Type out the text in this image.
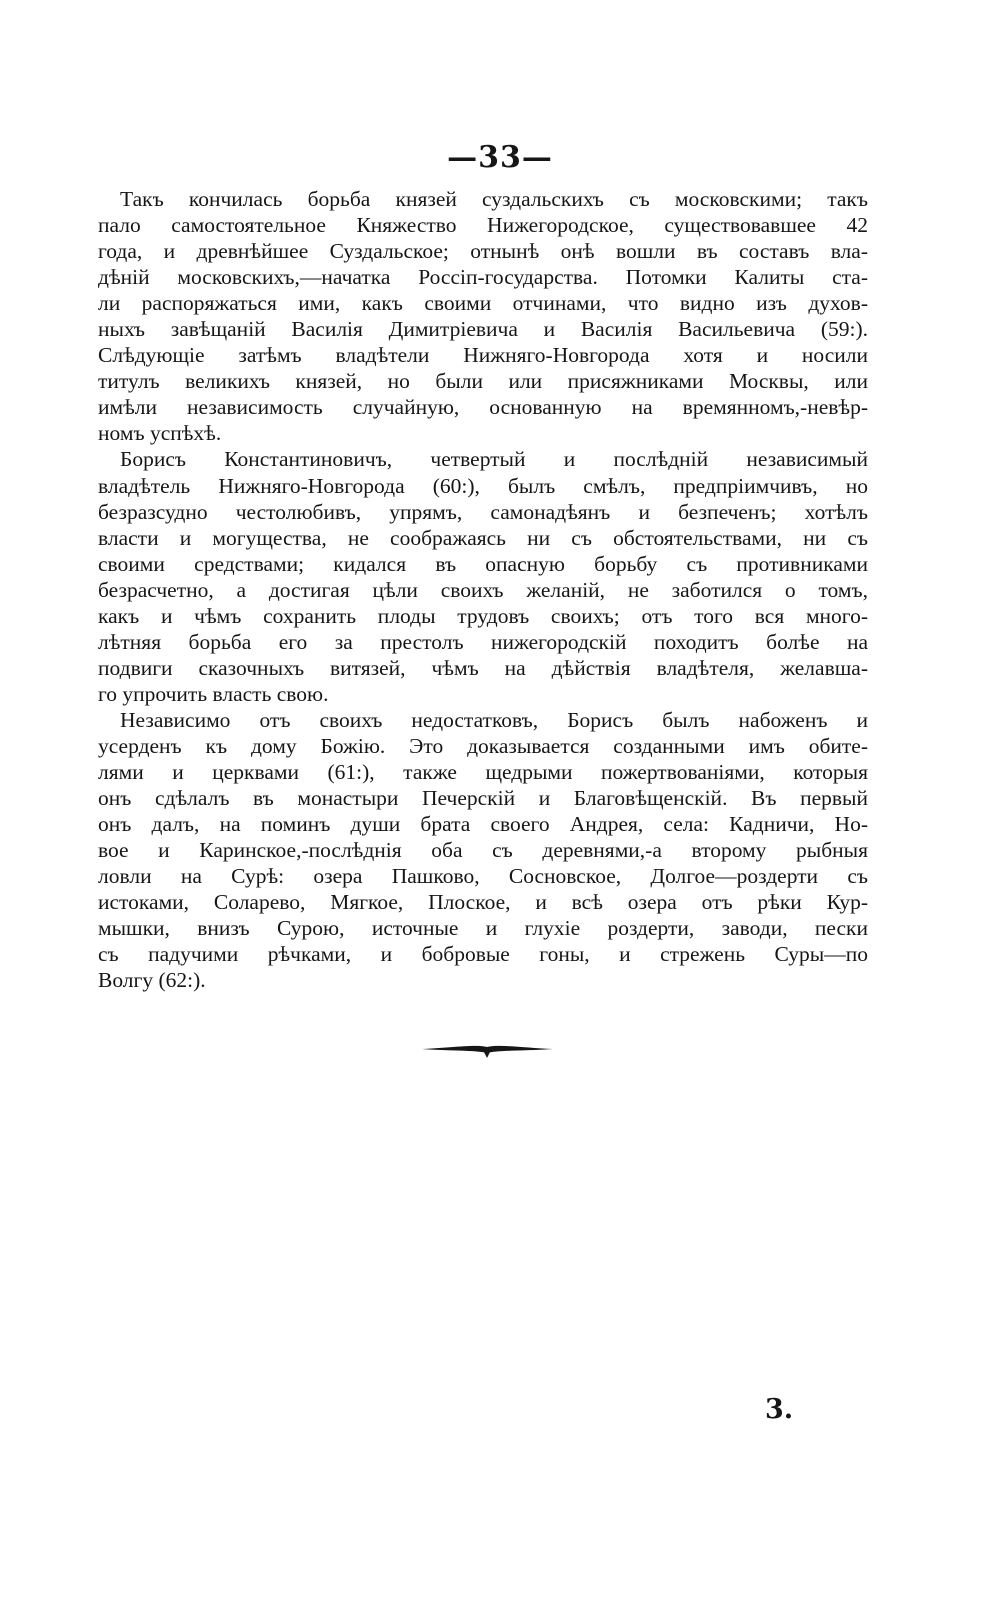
—33—
Такъ кончилась борьба князей суздальскихъ съ московскими; такъ
пало самостоятельное Княжество Нижегородское, существовавшее 42
года, и древнѣйшее Суздальское; отнынѣ онѣ вошли въ составъ вла-
дѣній московскихъ,—начатка Россіп-государства. Потомки Калиты ста-
ли распоряжаться ими, какъ своими отчинами, что видно изъ духов-
ныхъ завѣщаній Василія Димитріевича и Василія Васильевича (59:).
Слѣдующіе затѣмъ владѣтели Нижняго-Новгорода хотя и носили
титулъ великихъ князей, но были или присяжниками Москвы, или
имѣли независимость случайную, основанную на времянномъ,-невѣр-
номъ успѣхѣ.
Борисъ Константиновичъ, четвертый и послѣдній независимый
владѣтель Нижняго-Новгорода (60:), былъ смѣлъ, предпріимчивъ, но
безразсудно честолюбивъ, упрямъ, самонадѣянъ и безпеченъ; хотѣлъ
власти и могущества, не соображаясь ни съ обстоятельствами, ни съ
своими средствами; кидался въ опасную борьбу съ противниками
безрасчетно, а достигая цѣли своихъ желаній, не заботился о томъ,
какъ и чѣмъ сохранить плоды трудовъ своихъ; отъ того вся много-
лѣтняя борьба его за престолъ нижегородскій походитъ болѣе на
подвиги сказочныхъ витязей, чѣмъ на дѣйствія владѣтеля, желавша-
го упрочить власть свою.
Независимо отъ своихъ недостатковъ, Борисъ былъ набоженъ и
усерденъ къ дому Божію. Это доказывается созданными имъ обите-
лями и церквами (61:), также щедрыми пожертвованіями, которыя
онъ сдѣлалъ въ монастыри Печерскій и Благовѣщенскій. Въ первый
онъ далъ, на поминъ души брата своего Андрея, села: Кадничи, Но-
вое и Каринское,-послѣднія оба съ деревнями,-а второму рыбныя
ловли на Сурѣ: озера Пашково, Сосновское, Долгое—роздерти съ
истоками, Соларево, Мягкое, Плоское, и всѣ озера отъ рѣки Кур-
мышки, внизъ Сурою, источные и глухіе роздерти, заводи, пески
съ падучими рѣчками, и бобровые гоны, и стрежень Суры—по
Волгу (62:).
3.
